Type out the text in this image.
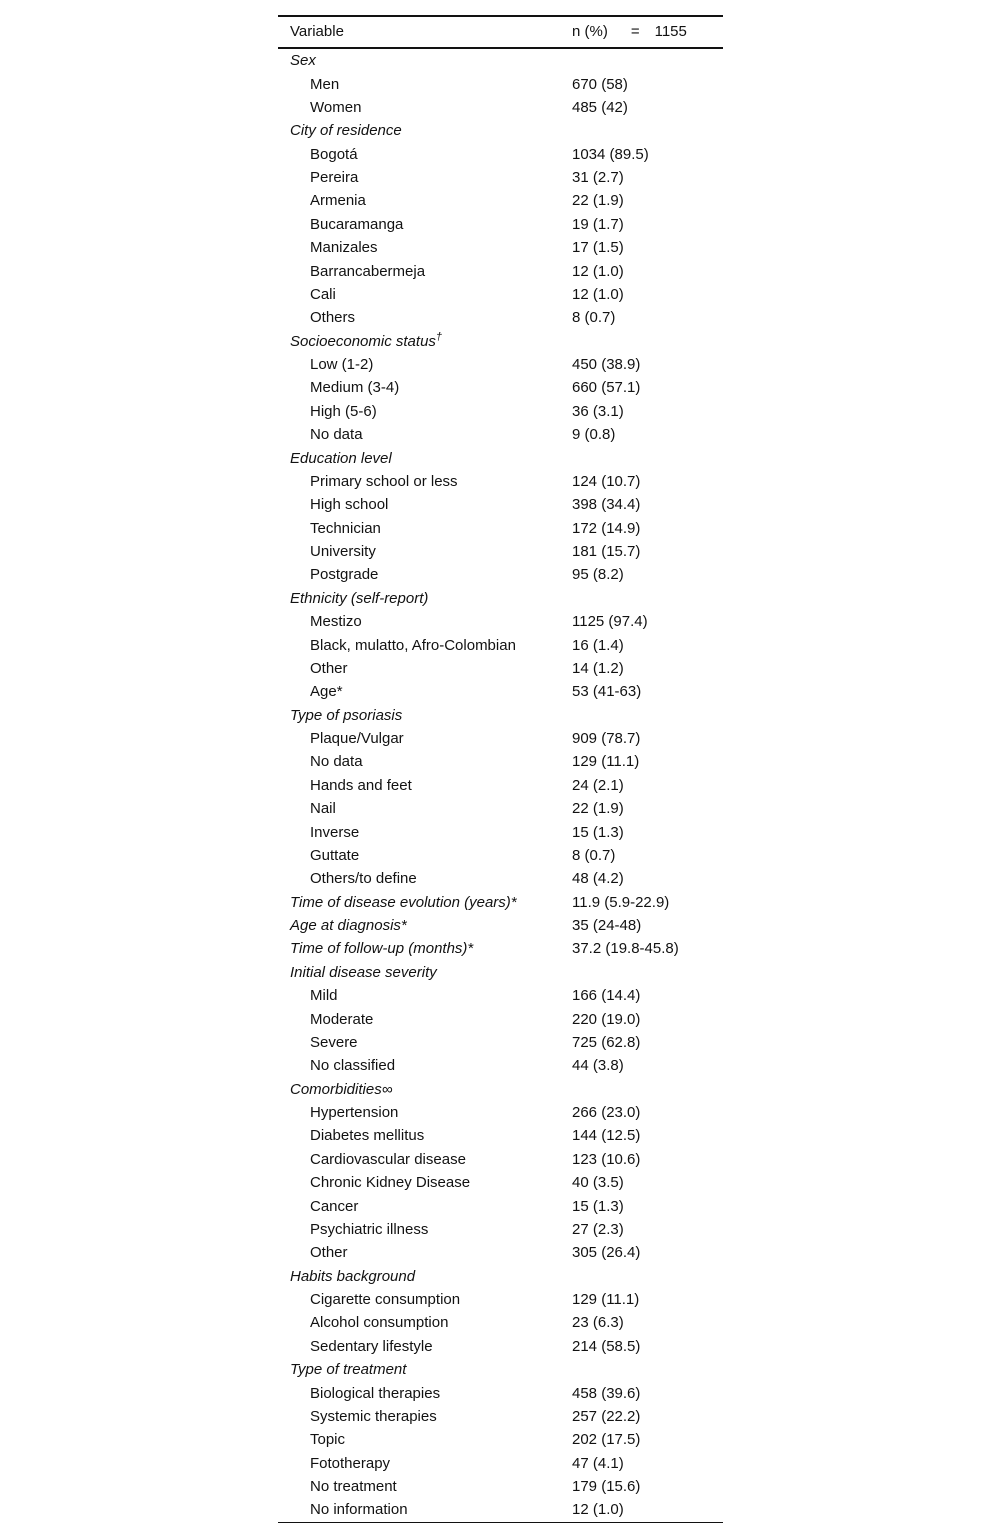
Variable	n (%) = 1155
Sex
Men	670 (58)
Women	485 (42)
City of residence
Bogotá	1034 (89.5)
Pereira	31 (2.7)
Armenia	22 (1.9)
Bucaramanga	19 (1.7)
Manizales	17 (1.5)
Barrancabermeja	12 (1.0)
Cali	12 (1.0)
Others	8 (0.7)
Socioeconomic status†
Low (1-2)	450 (38.9)
Medium (3-4)	660 (57.1)
High (5-6)	36 (3.1)
No data	9 (0.8)
Education level
Primary school or less	124 (10.7)
High school	398 (34.4)
Technician	172 (14.9)
University	181 (15.7)
Postgrade	95 (8.2)
Ethnicity (self-report)
Mestizo	1125 (97.4)
Black, mulatto, Afro-Colombian	16 (1.4)
Other	14 (1.2)
Age*	53 (41-63)
Type of psoriasis
Plaque/Vulgar	909 (78.7)
No data	129 (11.1)
Hands and feet	24 (2.1)
Nail	22 (1.9)
Inverse	15 (1.3)
Guttate	8 (0.7)
Others/to define	48 (4.2)
Time of disease evolution (years)*	11.9 (5.9-22.9)
Age at diagnosis*	35 (24-48)
Time of follow-up (months)*	37.2 (19.8-45.8)
Initial disease severity
Mild	166 (14.4)
Moderate	220 (19.0)
Severe	725 (62.8)
No classified	44 (3.8)
Comorbidities∞
Hypertension	266 (23.0)
Diabetes mellitus	144 (12.5)
Cardiovascular disease	123 (10.6)
Chronic Kidney Disease	40 (3.5)
Cancer	15 (1.3)
Psychiatric illness	27 (2.3)
Other	305 (26.4)
Habits background
Cigarette consumption	129 (11.1)
Alcohol consumption	23 (6.3)
Sedentary lifestyle	214 (58.5)
Type of treatment
Biological therapies	458 (39.6)
Systemic therapies	257 (22.2)
Topic	202 (17.5)
Fototherapy	47 (4.1)
No treatment	179 (15.6)
No information	12 (1.0)
